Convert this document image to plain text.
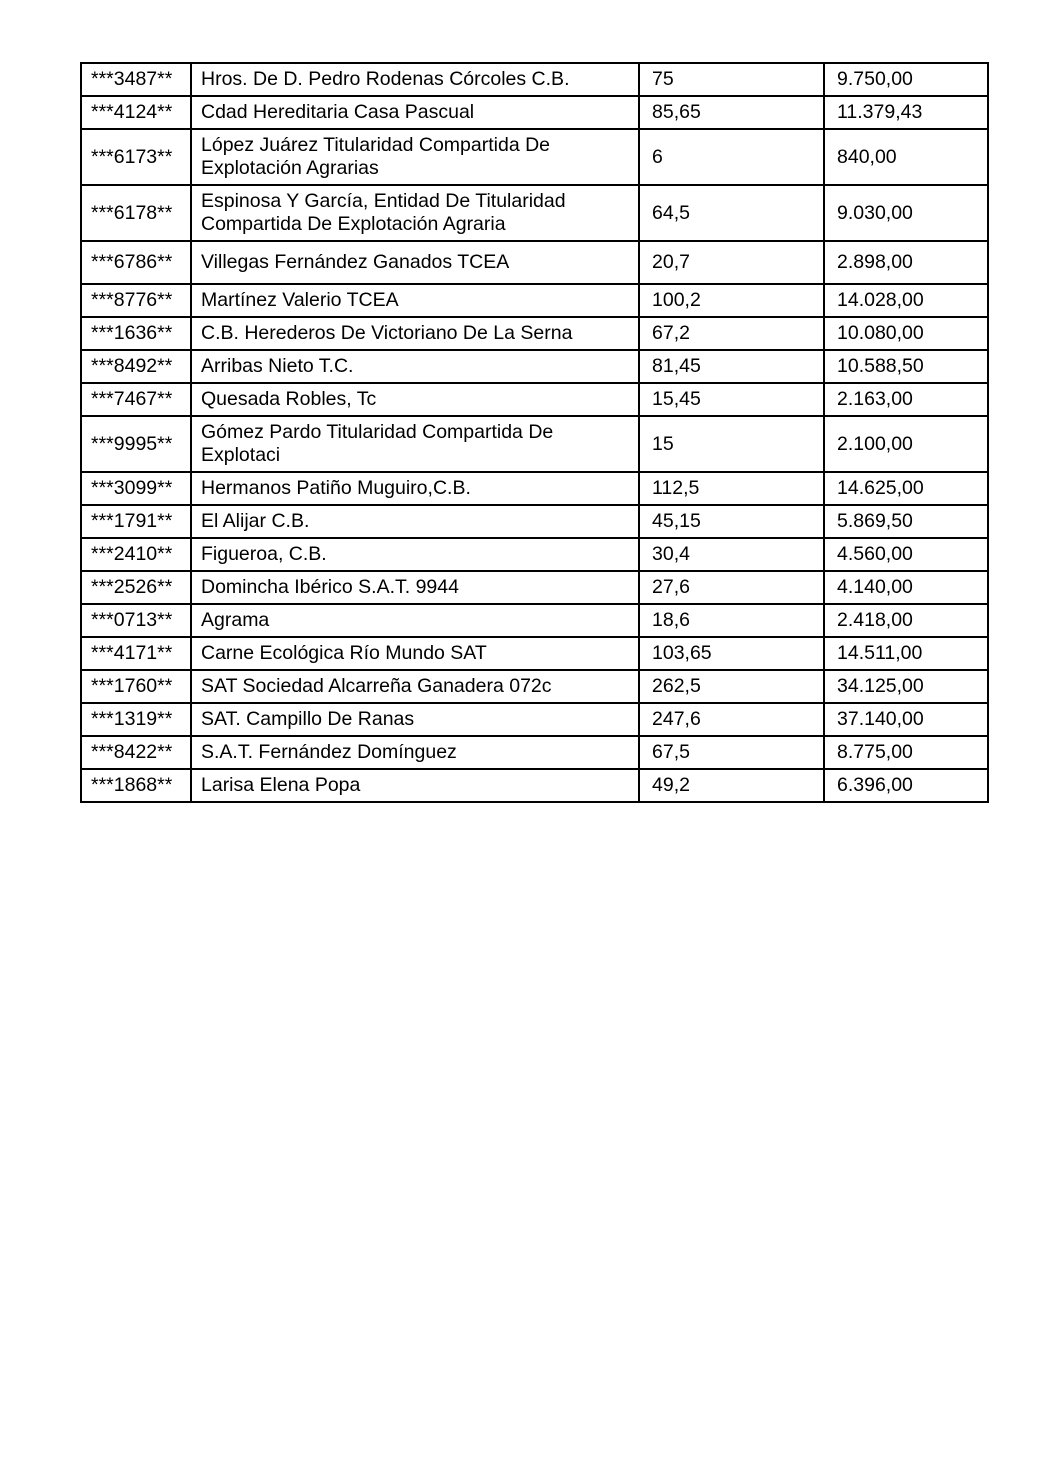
***3487**	Hros. De D. Pedro Rodenas Córcoles C.B.	75	9.750,00
***4124**	Cdad Hereditaria Casa Pascual	85,65	11.379,43
***6173**	López Juárez Titularidad Compartida De Explotación Agrarias	6	840,00
***6178**	Espinosa Y García, Entidad De Titularidad Compartida De Explotación Agraria	64,5	9.030,00
***6786**	Villegas Fernández Ganados TCEA	20,7	2.898,00
***8776**	Martínez Valerio TCEA	100,2	14.028,00
***1636**	C.B. Herederos De Victoriano De La Serna	67,2	10.080,00
***8492**	Arribas Nieto T.C.	81,45	10.588,50
***7467**	Quesada Robles, Tc	15,45	2.163,00
***9995**	Gómez Pardo Titularidad Compartida De Explotaci	15	2.100,00
***3099**	Hermanos Patiño Muguiro,C.B.	112,5	14.625,00
***1791**	El Alijar C.B.	45,15	5.869,50
***2410**	Figueroa, C.B.	30,4	4.560,00
***2526**	Domincha Ibérico S.A.T. 9944	27,6	4.140,00
***0713**	Agrama	18,6	2.418,00
***4171**	Carne Ecológica Río Mundo SAT	103,65	14.511,00
***1760**	SAT Sociedad Alcarreña Ganadera 072c	262,5	34.125,00
***1319**	SAT. Campillo De Ranas	247,6	37.140,00
***8422**	S.A.T. Fernández Domínguez	67,5	8.775,00
***1868**	Larisa Elena Popa	49,2	6.396,00
